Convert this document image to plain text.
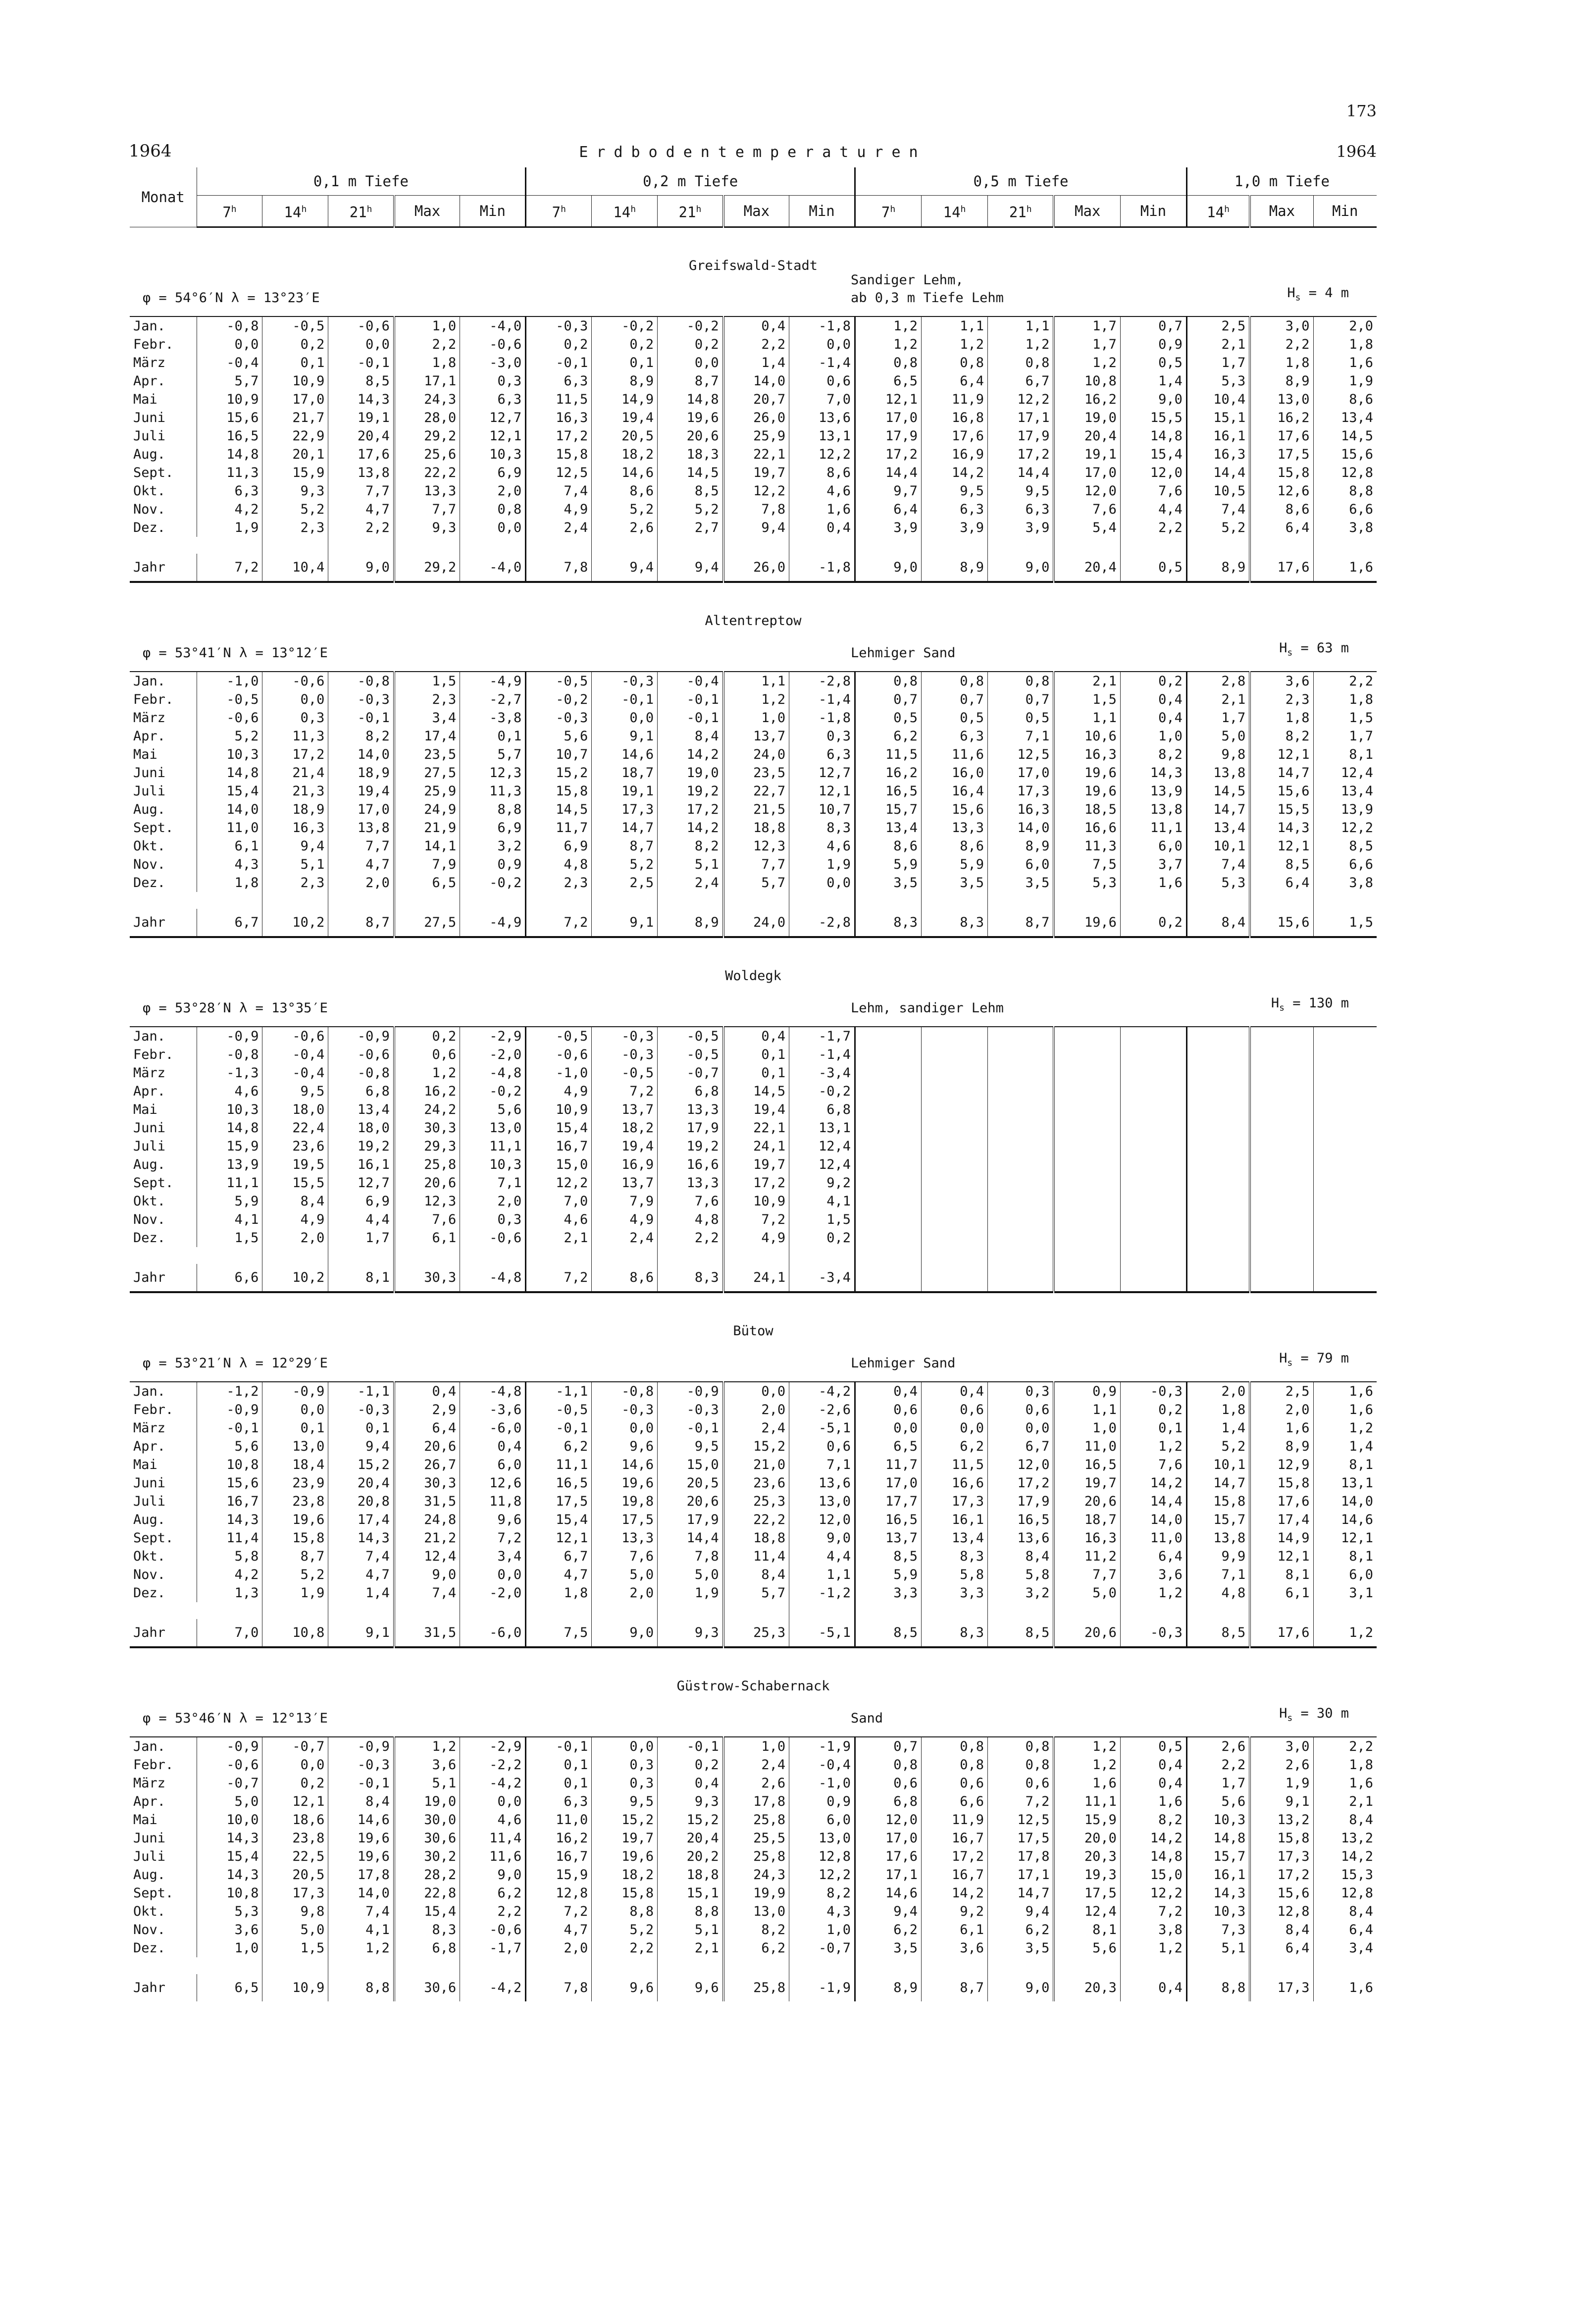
1964	Erdbodentemperaturen
173
1964
Monat	0,1 m Tiefe					0,2 m Tiefe					0,5 m Tiefe					1,0 m Tiefe		
	7$^h$	14$^h$	21$^h$	Max	Min	7$^h$	14$^h$	21$^h$	Max	Min	7$^h$	14$^h$	21$^h$	Max	Min	14$^h$	Max	Min

Greifswald-Stadt
φ = 54°6′N λ = 13°23′E
Sandiger Lehm,
ab 0,3 m Tiefe Lehm $H_s = 4$ m																		

Jan.	-0,8	-0,5	-0,6	1,0	-4,0	-0,3	-0,2	-0,2	0,4	-1,8	1,2	1,1	1,1	1,7	0,7	2,5	3,0	2,0
Febr.	0,0	0,2	0,0	2,2	-0,6	0,2	0,2	0,2	2,2	0,0	1,2	1,2	1,2	1,7	0,9	2,1	2,2	1,8
März	-0,4	0,1	-0,1	1,8	-3,0	-0,1	0,1	0,0	1,4	-1,4	0,8	0,8	0,8	1,2	0,5	1,7	1,8	1,6
Apr.	5,7	10,9	8,5	17,1	0,3	6,3	8,9	8,7	14,0	0,6	6,5	6,4	6,7	10,8	1,4	5,3	8,9	1,9
Mai	10,9	17,0	14,3	24,3	6,3	11,5	14,9	14,8	20,7	7,0	12,1	11,9	12,2	16,2	9,0	10,4	13,0	8,6
Juni	15,6	21,7	19,1	28,0	12,7	16,3	19,4	19,6	26,0	13,6	17,0	16,8	17,1	19,0	15,5	15,1	16,2	13,4
Juli	16,5	22,9	20,4	29,2	12,1	17,2	20,5	20,6	25,9	13,1	17,9	17,6	17,9	20,4	14,8	16,1	17,6	14,5
Aug.	14,8	20,1	17,6	25,6	10,3	15,8	18,2	18,3	22,1	12,2	17,2	16,9	17,2	19,1	15,4	16,3	17,5	15,6
Sept.	11,3	15,9	13,8	22,2	6,9	12,5	14,6	14,5	19,7	8,6	14,4	14,2	14,4	17,0	12,0	14,4	15,8	12,8
Okt.	6,3	9,3	7,7	13,3	2,0	7,4	8,6	8,5	12,2	4,6	9,7	9,5	9,5	12,0	7,6	10,5	12,6	8,8
Nov.	4,2	5,2	4,7	7,7	0,8	4,9	5,2	5,2	7,8	1,6	6,4	6,3	6,3	7,6	4,4	7,4	8,6	6,6
Dez.	1,9	2,3	2,2	9,3	0,0	2,4	2,6	2,7	9,4	0,4	3,9	3,9	3,9	5,4	2,2	5,2	6,4	3,8

Jahr	7,2	10,4	9,0	29,2	-4,0	7,8	9,4	9,4	26,0	-1,8	9,0	8,9	9,0	20,4	0,5	8,9	17,6	1,6

Altentreptow
φ = 53°41′N λ = 13°12′E Lehmiger Sand $H_s = 63$ m																		

Jan.	-1,0	-0,6	-0,8	1,5	-4,9	-0,5	-0,3	-0,4	1,1	-2,8	0,8	0,8	0,8	2,1	0,2	2,8	3,6	2,2
Febr.	-0,5	0,0	-0,3	2,3	-2,7	-0,2	-0,1	-0,1	1,2	-1,4	0,7	0,7	0,7	1,5	0,4	2,1	2,3	1,8
März	-0,6	0,3	-0,1	3,4	-3,8	-0,3	0,0	-0,1	1,0	-1,8	0,5	0,5	0,5	1,1	0,4	1,7	1,8	1,5
Apr.	5,2	11,3	8,2	17,4	0,1	5,6	9,1	8,4	13,7	0,3	6,2	6,3	7,1	10,6	1,0	5,0	8,2	1,7
Mai	10,3	17,2	14,0	23,5	5,7	10,7	14,6	14,2	24,0	6,3	11,5	11,6	12,5	16,3	8,2	9,8	12,1	8,1
Juni	14,8	21,4	18,9	27,5	12,3	15,2	18,7	19,0	23,5	12,7	16,2	16,0	17,0	19,6	14,3	13,8	14,7	12,4
Juli	15,4	21,3	19,4	25,9	11,3	15,8	19,1	19,2	22,7	12,1	16,5	16,4	17,3	19,6	13,9	14,5	15,6	13,4
Aug.	14,0	18,9	17,0	24,9	8,8	14,5	17,3	17,2	21,5	10,7	15,7	15,6	16,3	18,5	13,8	14,7	15,5	13,9
Sept.	11,0	16,3	13,8	21,9	6,9	11,7	14,7	14,2	18,8	8,3	13,4	13,3	14,0	16,6	11,1	13,4	14,3	12,2
Okt.	6,1	9,4	7,7	14,1	3,2	6,9	8,7	8,2	12,3	4,6	8,6	8,6	8,9	11,3	6,0	10,1	12,1	8,5
Nov.	4,3	5,1	4,7	7,9	0,9	4,8	5,2	5,1	7,7	1,9	5,9	5,9	6,0	7,5	3,7	7,4	8,5	6,6
Dez.	1,8	2,3	2,0	6,5	-0,2	2,3	2,5	2,4	5,7	0,0	3,5	3,5	3,5	5,3	1,6	5,3	6,4	3,8

Jahr	6,7	10,2	8,7	27,5	-4,9	7,2	9,1	8,9	24,0	-2,8	8,3	8,3	8,7	19,6	0,2	8,4	15,6	1,5

Woldegk
φ = 53°28′N λ = 13°35′E Lehm, sandiger Lehm $H_s = 130$ m																		

Jan.	-0,9	-0,6	-0,9	0,2	-2,9	-0,5	-0,3	-0,5	0,4	-1,7								
Febr.	-0,8	-0,4	-0,6	0,6	-2,0	-0,6	-0,3	-0,5	0,1	-1,4								
März	-1,3	-0,4	-0,8	1,2	-4,8	-1,0	-0,5	-0,7	0,1	-3,4								
Apr.	4,6	9,5	6,8	16,2	-0,2	4,9	7,2	6,8	14,5	-0,2								
Mai	10,3	18,0	13,4	24,2	5,6	10,9	13,7	13,3	19,4	6,8								
Juni	14,8	22,4	18,0	30,3	13,0	15,4	18,2	17,9	22,1	13,1								
Juli	15,9	23,6	19,2	29,3	11,1	16,7	19,4	19,2	24,1	12,4								
Aug.	13,9	19,5	16,1	25,8	10,3	15,0	16,9	16,6	19,7	12,4								
Sept.	11,1	15,5	12,7	20,6	7,1	12,2	13,7	13,3	17,2	9,2								
Okt.	5,9	8,4	6,9	12,3	2,0	7,0	7,9	7,6	10,9	4,1								
Nov.	4,1	4,9	4,4	7,6	0,3	4,6	4,9	4,8	7,2	1,5								
Dez.	1,5	2,0	1,7	6,1	-0,6	2,1	2,4	2,2	4,9	0,2								

Jahr	6,6	10,2	8,1	30,3	-4,8	7,2	8,6	8,3	24,1	-3,4								

Bütow
φ = 53°21′N λ = 12°29′E Lehmiger Sand $H_s = 79$ m																		

Jan.	-1,2	-0,9	-1,1	0,4	-4,8	-1,1	-0,8	-0,9	0,0	-4,2	0,4	0,4	0,3	0,9	-0,3	2,0	2,5	1,6
Febr.	-0,9	0,0	-0,3	2,9	-3,6	-0,5	-0,3	-0,3	2,0	-2,6	0,6	0,6	0,6	1,1	0,2	1,8	2,0	1,6
März	-0,1	0,1	0,1	6,4	-6,0	-0,1	0,0	-0,1	2,4	-5,1	0,0	0,0	0,0	1,0	0,1	1,4	1,6	1,2
Apr.	5,6	13,0	9,4	20,6	0,4	6,2	9,6	9,5	15,2	0,6	6,5	6,2	6,7	11,0	1,2	5,2	8,9	1,4
Mai	10,8	18,4	15,2	26,7	6,0	11,1	14,6	15,0	21,0	7,1	11,7	11,5	12,0	16,5	7,6	10,1	12,9	8,1
Juni	15,6	23,9	20,4	30,3	12,6	16,5	19,6	20,5	23,6	13,6	17,0	16,6	17,2	19,7	14,2	14,7	15,8	13,1
Juli	16,7	23,8	20,8	31,5	11,8	17,5	19,8	20,6	25,3	13,0	17,7	17,3	17,9	20,6	14,4	15,8	17,6	14,0
Aug.	14,3	19,6	17,4	24,8	9,6	15,4	17,5	17,9	22,2	12,0	16,5	16,1	16,5	18,7	14,0	15,7	17,4	14,6
Sept.	11,4	15,8	14,3	21,2	7,2	12,1	13,3	14,4	18,8	9,0	13,7	13,4	13,6	16,3	11,0	13,8	14,9	12,1
Okt.	5,8	8,7	7,4	12,4	3,4	6,7	7,6	7,8	11,4	4,4	8,5	8,3	8,4	11,2	6,4	9,9	12,1	8,1
Nov.	4,2	5,2	4,7	9,0	0,0	4,7	5,0	5,0	8,4	1,1	5,9	5,8	5,8	7,7	3,6	7,1	8,1	6,0
Dez.	1,3	1,9	1,4	7,4	-2,0	1,8	2,0	1,9	5,7	-1,2	3,3	3,3	3,2	5,0	1,2	4,8	6,1	3,1

Jahr	7,0	10,8	9,1	31,5	-6,0	7,5	9,0	9,3	25,3	-5,1	8,5	8,3	8,5	20,6	-0,3	8,5	17,6	1,2

Güstrow-Schabernack
φ = 53°46′N λ = 12°13′E Sand $H_s = 30$ m																		

Jan.	-0,9	-0,7	-0,9	1,2	-2,9	-0,1	0,0	-0,1	1,0	-1,9	0,7	0,8	0,8	1,2	0,5	2,6	3,0	2,2
Febr.	-0,6	0,0	-0,3	3,6	-2,2	0,1	0,3	0,2	2,4	-0,4	0,8	0,8	0,8	1,2	0,4	2,2	2,6	1,8
März	-0,7	0,2	-0,1	5,1	-4,2	0,1	0,3	0,4	2,6	-1,0	0,6	0,6	0,6	1,6	0,4	1,7	1,9	1,6
Apr.	5,0	12,1	8,4	19,0	0,0	6,3	9,5	9,3	17,8	0,9	6,8	6,6	7,2	11,1	1,6	5,6	9,1	2,1
Mai	10,0	18,6	14,6	30,0	4,6	11,0	15,2	15,2	25,8	6,0	12,0	11,9	12,5	15,9	8,2	10,3	13,2	8,4
Juni	14,3	23,8	19,6	30,6	11,4	16,2	19,7	20,4	25,5	13,0	17,0	16,7	17,5	20,0	14,2	14,8	15,8	13,2
Juli	15,4	22,5	19,6	30,2	11,6	16,7	19,6	20,2	25,8	12,8	17,6	17,2	17,8	20,3	14,8	15,7	17,3	14,2
Aug.	14,3	20,5	17,8	28,2	9,0	15,9	18,2	18,8	24,3	12,2	17,1	16,7	17,1	19,3	15,0	16,1	17,2	15,3
Sept.	10,8	17,3	14,0	22,8	6,2	12,8	15,8	15,1	19,9	8,2	14,6	14,2	14,7	17,5	12,2	14,3	15,6	12,8
Okt.	5,3	9,8	7,4	15,4	2,2	7,2	8,8	8,8	13,0	4,3	9,4	9,2	9,4	12,4	7,2	10,3	12,8	8,4
Nov.	3,6	5,0	4,1	8,3	-0,6	4,7	5,2	5,1	8,2	1,0	6,2	6,1	6,2	8,1	3,8	7,3	8,4	6,4
Dez.	1,0	1,5	1,2	6,8	-1,7	2,0	2,2	2,1	6,2	-0,7	3,5	3,6	3,5	5,6	1,2	5,1	6,4	3,4

Jahr	6,5	10,9	8,8	30,6	-4,2	7,8	9,6	9,6	25,8	-1,9	8,9	8,7	9,0	20,3	0,4	8,8	17,3	1,6
